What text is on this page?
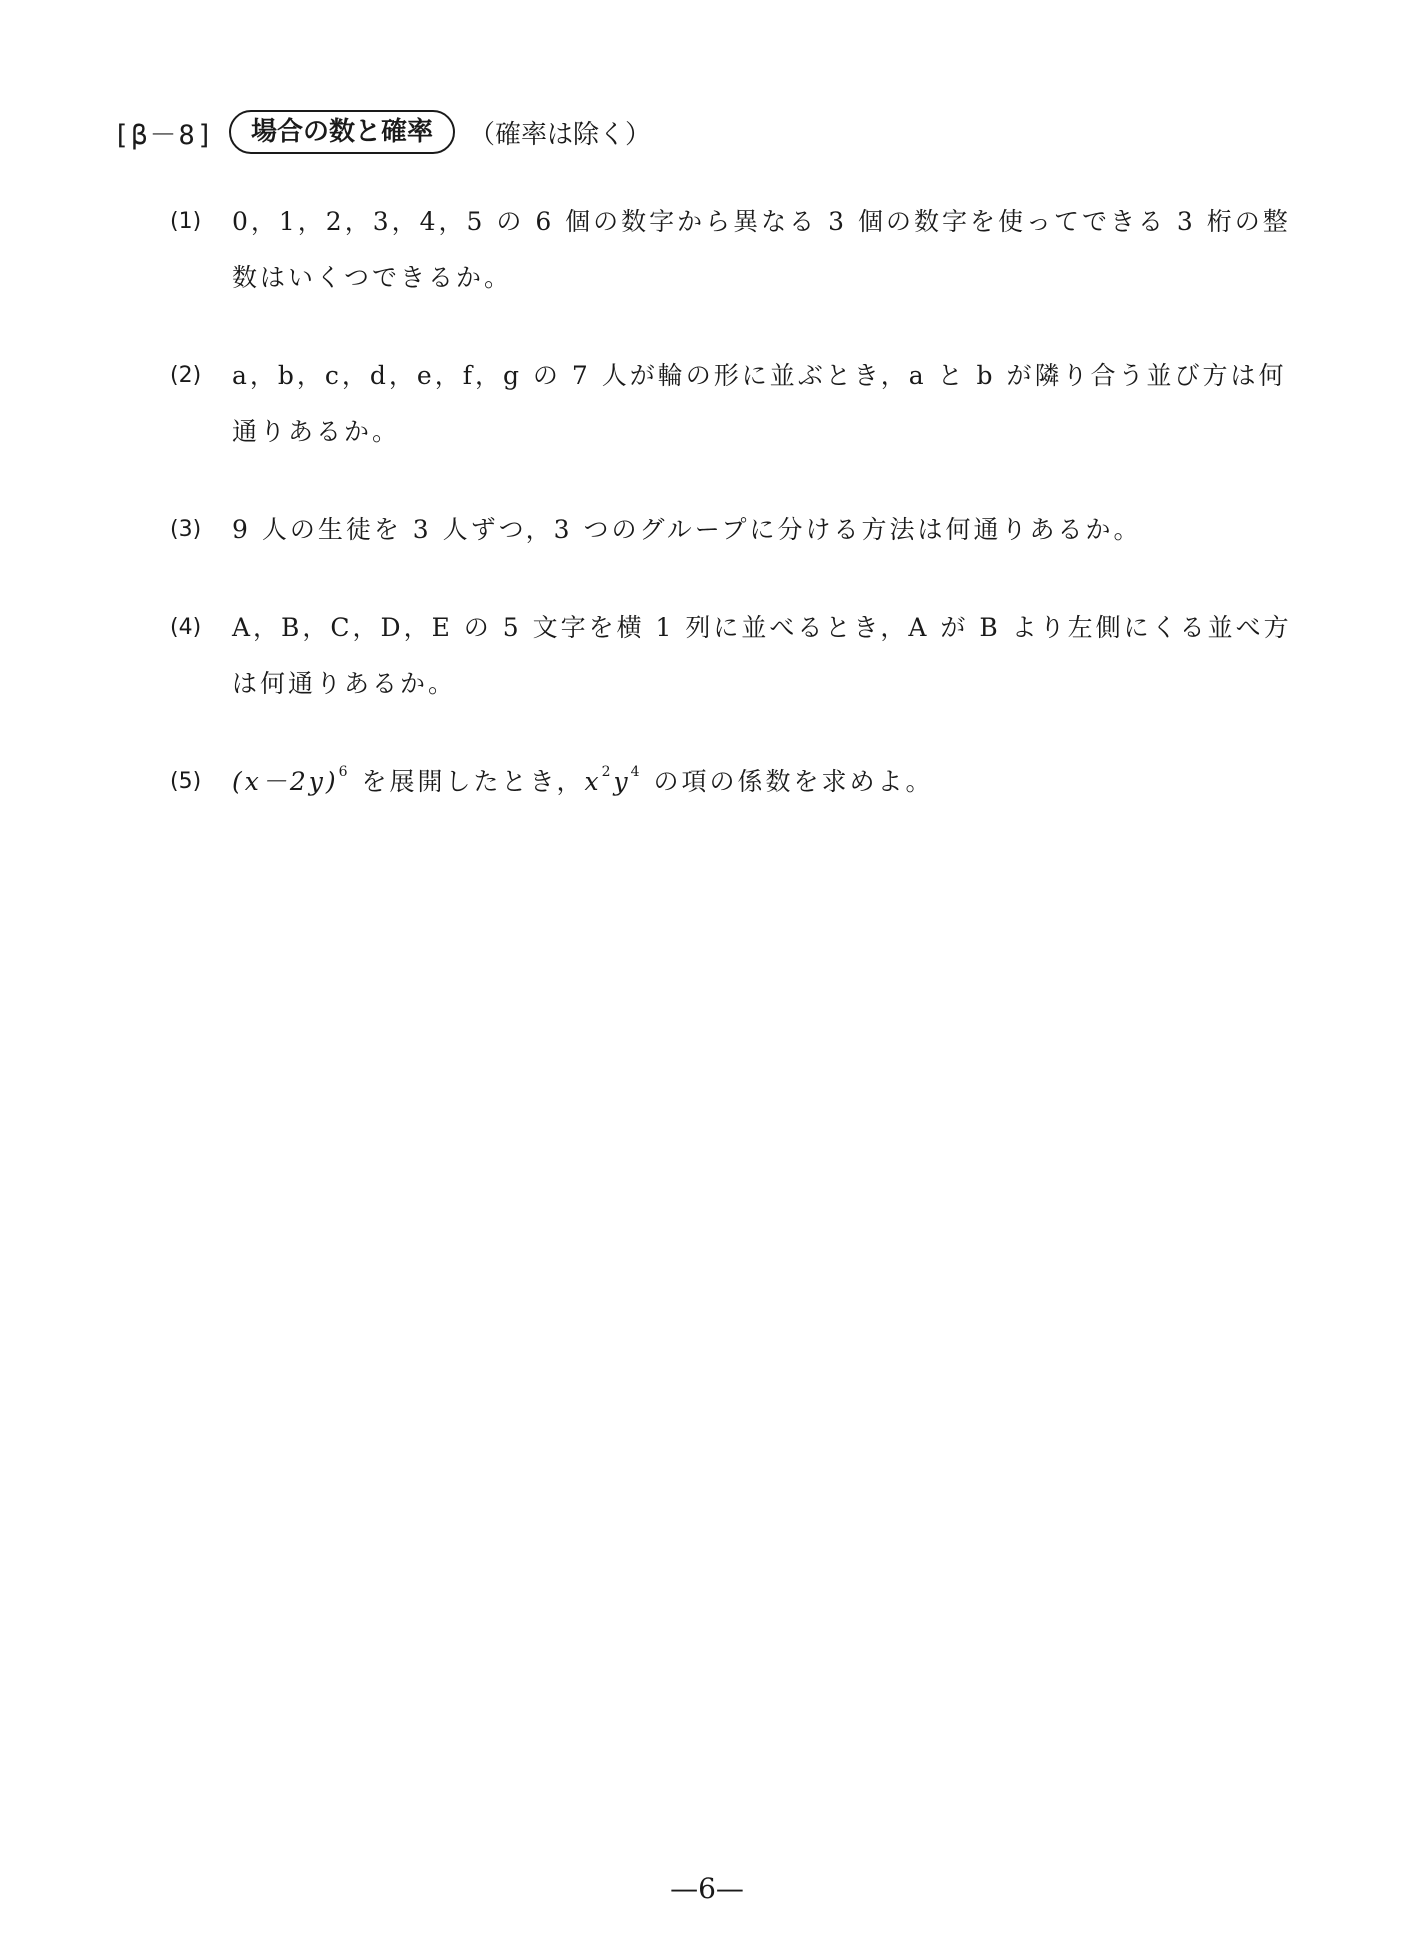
[β－8]	場合の数と確率	（確率は除く）
(1)	0，1，2，3，4，5 の 6 個の数字から異なる 3 個の数字を使ってできる 3 桁の整数はいくつできるか。
(2)	a，b，c，d，e，f，g の 7 人が輪の形に並ぶとき，a と b が隣り合う並び方は何通りあるか。
(3)	9 人の生徒を 3 人ずつ，3 つのグループに分ける方法は何通りあるか。
(4)	A，B，C，D，E の 5 文字を横 1 列に並べるとき，A が B より左側にくる並べ方は何通りあるか。
(5)	$(x-2y)^6$ を展開したとき，$x^2y^4$ の項の係数を求めよ。
—6—
